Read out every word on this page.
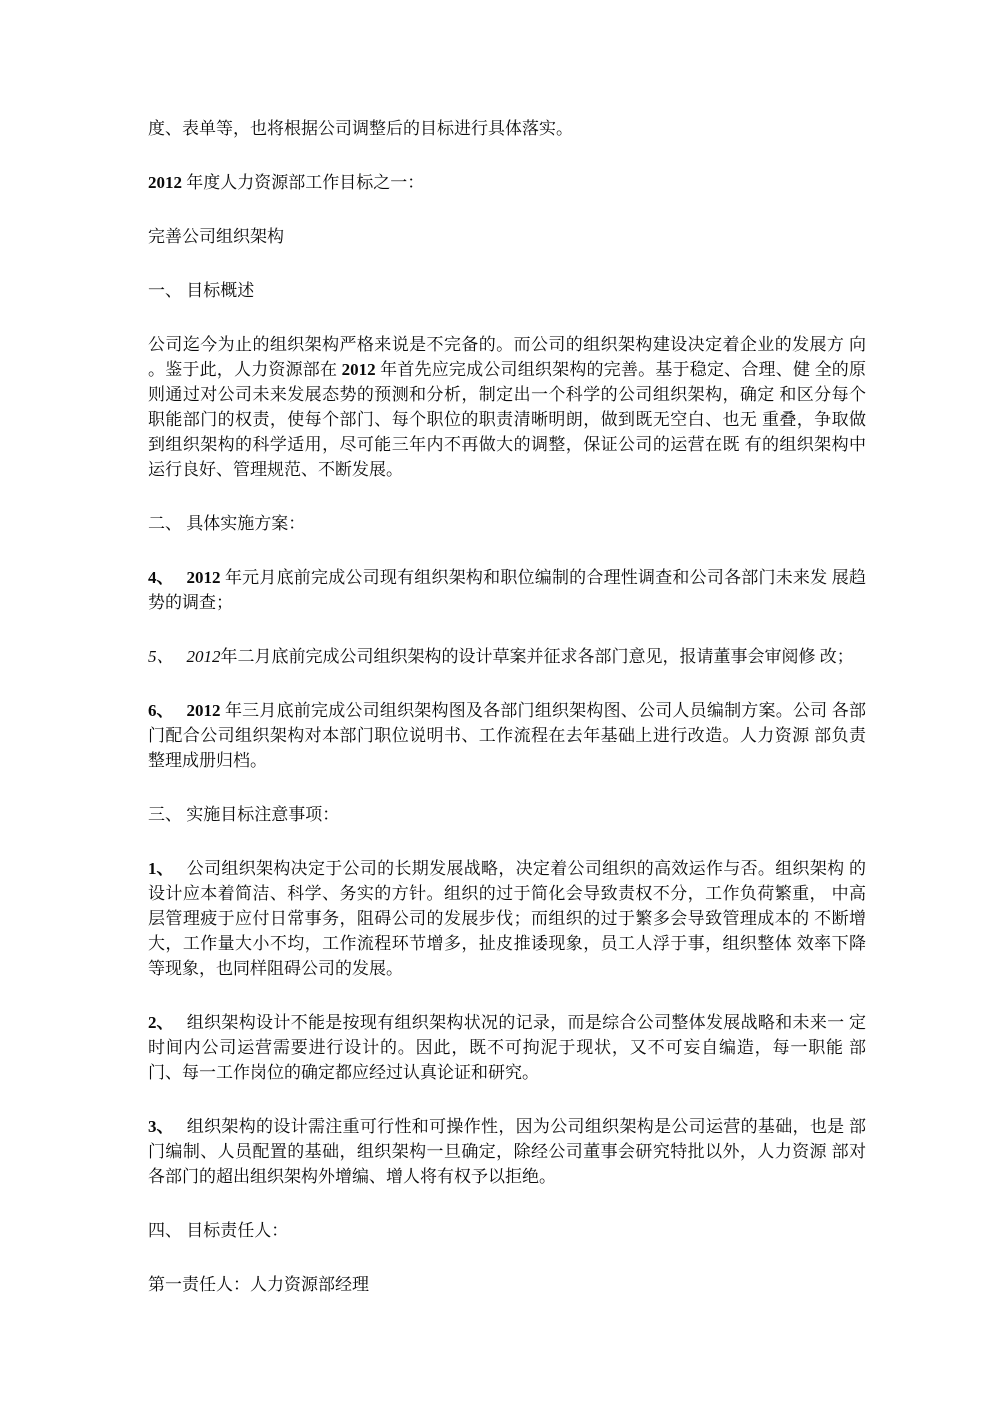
度、表单等，也将根据公司调整后的目标进行具体落实。

2012 年度人力资源部工作目标之一：

完善公司组织架构

一、 目标概述

公司迄今为止的组织架构严格来说是不完备的。而公司的组织架构建设决定着企业的发展方 向 。鉴于此，人力资源部在 2012 年首先应完成公司组织架构的完善。基于稳定、合理、健 全的原则通过对公司未来发展态势的预测和分析，制定出一个科学的公司组织架构，确定 和区分每个职能部门的权责，使每个部门、每个职位的职责清晰明朗，做到既无空白、也无 重叠，争取做到组织架构的科学适用，尽可能三年内不再做大的调整，保证公司的运营在既 有的组织架构中运行良好、管理规范、不断发展。

二、 具体实施方案：

4、 2012 年元月底前完成公司现有组织架构和职位编制的合理性调查和公司各部门未来发 展趋势的调查；

5、 2012年二月底前完成公司组织架构的设计草案并征求各部门意见，报请董事会审阅修 改；

6、 2012 年三月底前完成公司组织架构图及各部门组织架构图、公司人员编制方案。公司 各部门配合公司组织架构对本部门职位说明书、工作流程在去年基础上进行改造。人力资源 部负责整理成册归档。

三、 实施目标注意事项：

1、 公司组织架构决定于公司的长期发展战略，决定着公司组织的高效运作与否。组织架构 的设计应本着简洁、科学、务实的方针。组织的过于简化会导致责权不分，工作负荷繁重， 中高层管理疲于应付日常事务，阻碍公司的发展步伐；而组织的过于繁多会导致管理成本的 不断增大，工作量大小不均，工作流程环节增多，扯皮推诿现象，员工人浮于事，组织整体 效率下降等现象，也同样阻碍公司的发展。

2、 组织架构设计不能是按现有组织架构状况的记录，而是综合公司整体发展战略和未来一 定时间内公司运营需要进行设计的。因此，既不可拘泥于现状，又不可妄自编造，每一职能 部门、每一工作岗位的确定都应经过认真论证和研究。

3、 组织架构的设计需注重可行性和可操作性，因为公司组织架构是公司运营的基础，也是 部门编制、人员配置的基础，组织架构一旦确定，除经公司董事会研究特批以外，人力资源 部对各部门的超出组织架构外增编、增人将有权予以拒绝。

四、 目标责任人：

第一责任人：人力资源部经理
